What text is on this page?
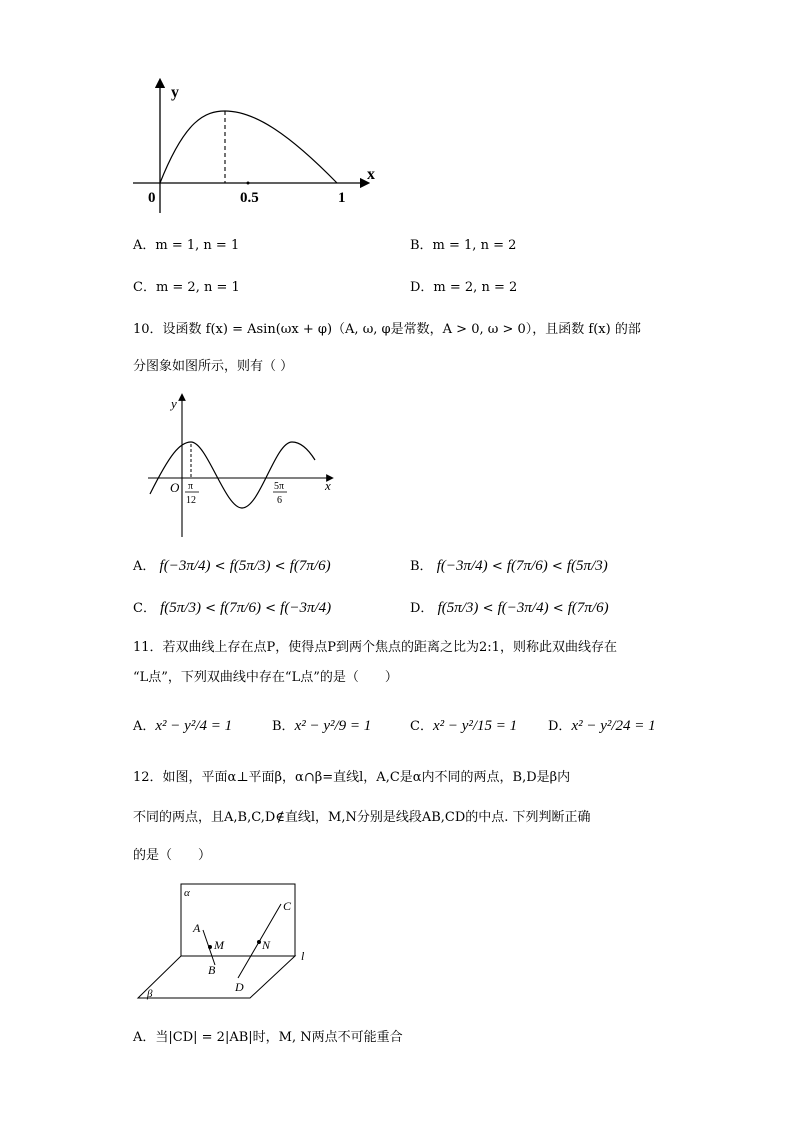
y
x
0	0.5	1
A．m = 1, n = 1	B．m = 1, n = 2
C．m = 2, n = 1	D．m = 2, n = 2
10．设函数 f(x) = Asin(ωx + φ)（A, ω, φ是常数，A > 0, ω > 0），且函数 f(x) 的部
分图象如图所示，则有（ ）
y
x
O π
12
5π
6
A． f(−3π/4) < f(5π/3) < f(7π/6)	B． f(−3π/4) < f(7π/6) < f(5π/3)
C． f(5π/3) < f(7π/6) < f(−3π/4)	D． f(5π/3) < f(−3π/4) < f(7π/6)
11．若双曲线上存在点P，使得点P到两个焦点的距离之比为2:1，则称此双曲线存在
“L点”，下列双曲线中存在“L点”的是（　　）
A．x² − y²/4 = 1	B．x² − y²/9 = 1	C．x² − y²/15 = 1 D．x² − y²/24 = 1
12．如图，平面α⊥平面β，α∩β=直线l，A,C是α内不同的两点，B,D是β内
不同的两点，且A,B,C,D∉直线l，M,N分别是线段AB,CD的中点. 下列判断正确
的是（　　）
α
β
l
A
B
C
D
M	N
A．当|CD| = 2|AB|时，M, N两点不可能重合
